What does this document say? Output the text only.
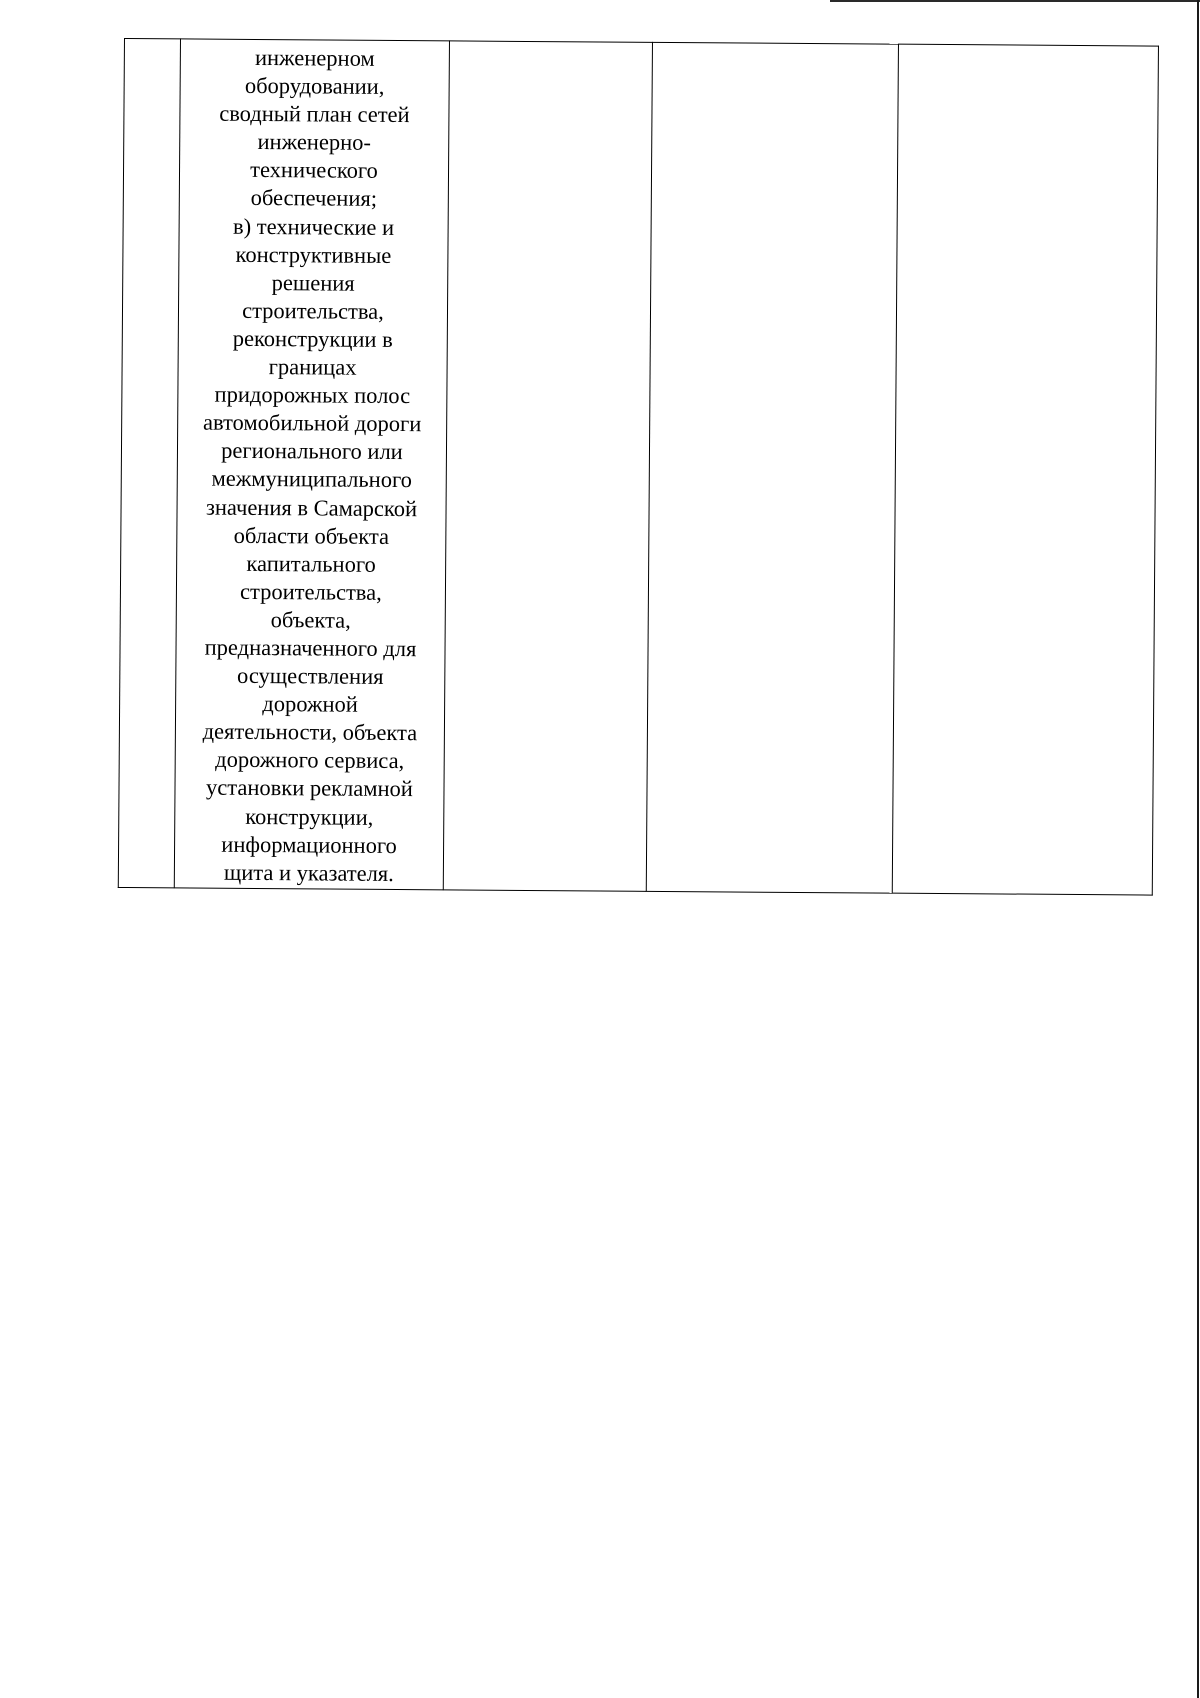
инженерном
оборудовании,
сводный план сетей
инженерно-
технического
обеспечения;
в) технические и
конструктивные
решения
строительства,
реконструкции в
границах
придорожных полос
автомобильной дороги
регионального или
межмуниципального
значения в Самарской
области объекта
капитального
строительства,
объекта,
предназначенного для
осуществления
дорожной
деятельности, объекта
дорожного сервиса,
установки рекламной
конструкции,
информационного
щита и указателя.
